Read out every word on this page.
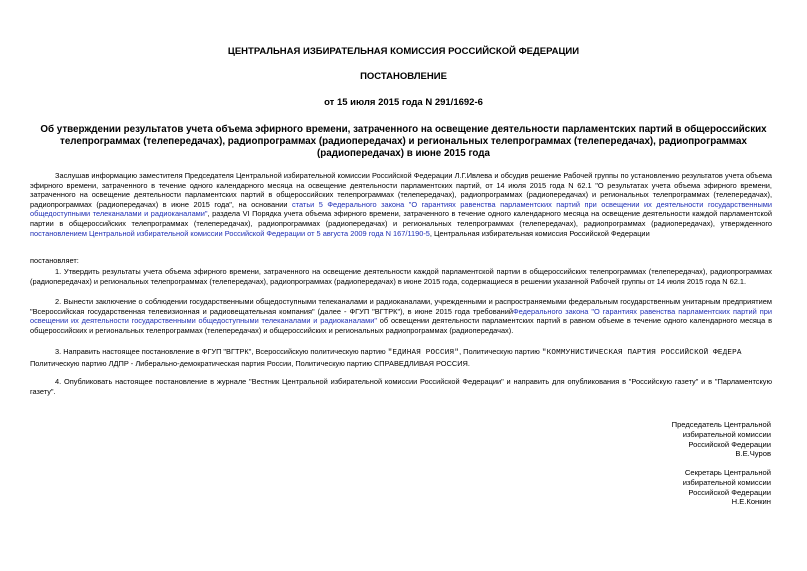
ЦЕНТРАЛЬНАЯ ИЗБИРАТЕЛЬНАЯ КОМИССИЯ РОССИЙСКОЙ ФЕДЕРАЦИИ
ПОСТАНОВЛЕНИЕ
от 15 июля 2015 года N 291/1692-6
Об утверждении результатов учета объема эфирного времени, затраченного на освещение деятельности парламентских партий в общероссийских телепрограммах (телепередачах), радиопрограммах (радиопередачах) и региональных телепрограммах (телепередачах), радиопрограммах (радиопередачах) в июне 2015 года

Заслушав информацию заместителя Председателя Центральной избирательной комиссии Российской Федерации Л.Г.Ивлева и обсудив решение Рабочей группы по установлению результатов учета объема эфирного времени, затраченного в течение одного календарного месяца на освещение деятельности парламентских партий, от 14 июля 2015 года N 62.1 "О результатах учета объема эфирного времени, затраченного на освещение деятельности парламентских партий в общероссийских телепрограммах (телепередачах), радиопрограммах (радиопередачах) и региональных телепрограммах (телепередачах), радиопрограммах (радиопередачах) в июне 2015 года", на основании статьи 5 Федерального закона "О гарантиях равенства парламентских партий при освещении их деятельности государственными общедоступными телеканалами и радиоканалами", раздела VI Порядка учета объема эфирного времени, затраченного в течение одного календарного месяца на освещение деятельности каждой парламентской партии в общероссийских телепрограммах (телепередачах), радиопрограммах (радиопередачах) и региональных телепрограммах (телепередачах), радиопрограммах (радиопередачах), утвержденного постановлением Центральной избирательной комиссии Российской Федерации от 5 августа 2009 года N 167/1190-5, Центральная избирательная комиссия Российской Федерации

постановляет:

1. Утвердить результаты учета объема эфирного времени, затраченного на освещение деятельности каждой парламентской партии в общероссийских телепрограммах (телепередачах), радиопрограммах (радиопередачах) и региональных телепрограммах (телепередачах), радиопрограммах (радиопередачах) в июне 2015 года, содержащиеся в решении указанной Рабочей группы от 14 июля 2015 года N 62.1.

2. Вынести заключение о соблюдении государственными общедоступными телеканалами и радиоканалами, учрежденными и распространяемыми федеральным государственным унитарным предприятием "Всероссийская государственная телевизионная и радиовещательная компания" (далее - ФГУП "ВГТРК"), в июне 2015 года требованийФедерального закона "О гарантиях равенства парламентских партий при освещении их деятельности государственными общедоступными телеканалами и радиоканалами" об освещении деятельности парламентских партий в равном объеме в течение одного календарного месяца в общероссийских и региональных телепрограммах (телепередачах) и общероссийских и региональных радиопрограммах (радиопередачах).

3. Направить настоящее постановление в ФГУП "ВГТРК", Всероссийскую политическую партию "ЕДИНАЯ РОССИЯ", Политическую партию "КОММУНИСТИЧЕСКАЯ ПАРТИЯ РОССИЙСКОЙ ФЕДЕРА

Политическую партию ЛДПР - Либерально-демократическая партия России, Политическую партию СПРАВЕДЛИВАЯ РОССИЯ.

4. Опубликовать настоящее постановление в журнале "Вестник Центральной избирательной комиссии Российской Федерации" и направить для опубликования в "Российскую газету" и в "Парламентскую газету".

Председатель Центральной
избирательной комиссии
Российской Федерации
В.Е.Чуров
Секретарь Центральной
избирательной комиссии
Российской Федерации
Н.Е.Конкин
